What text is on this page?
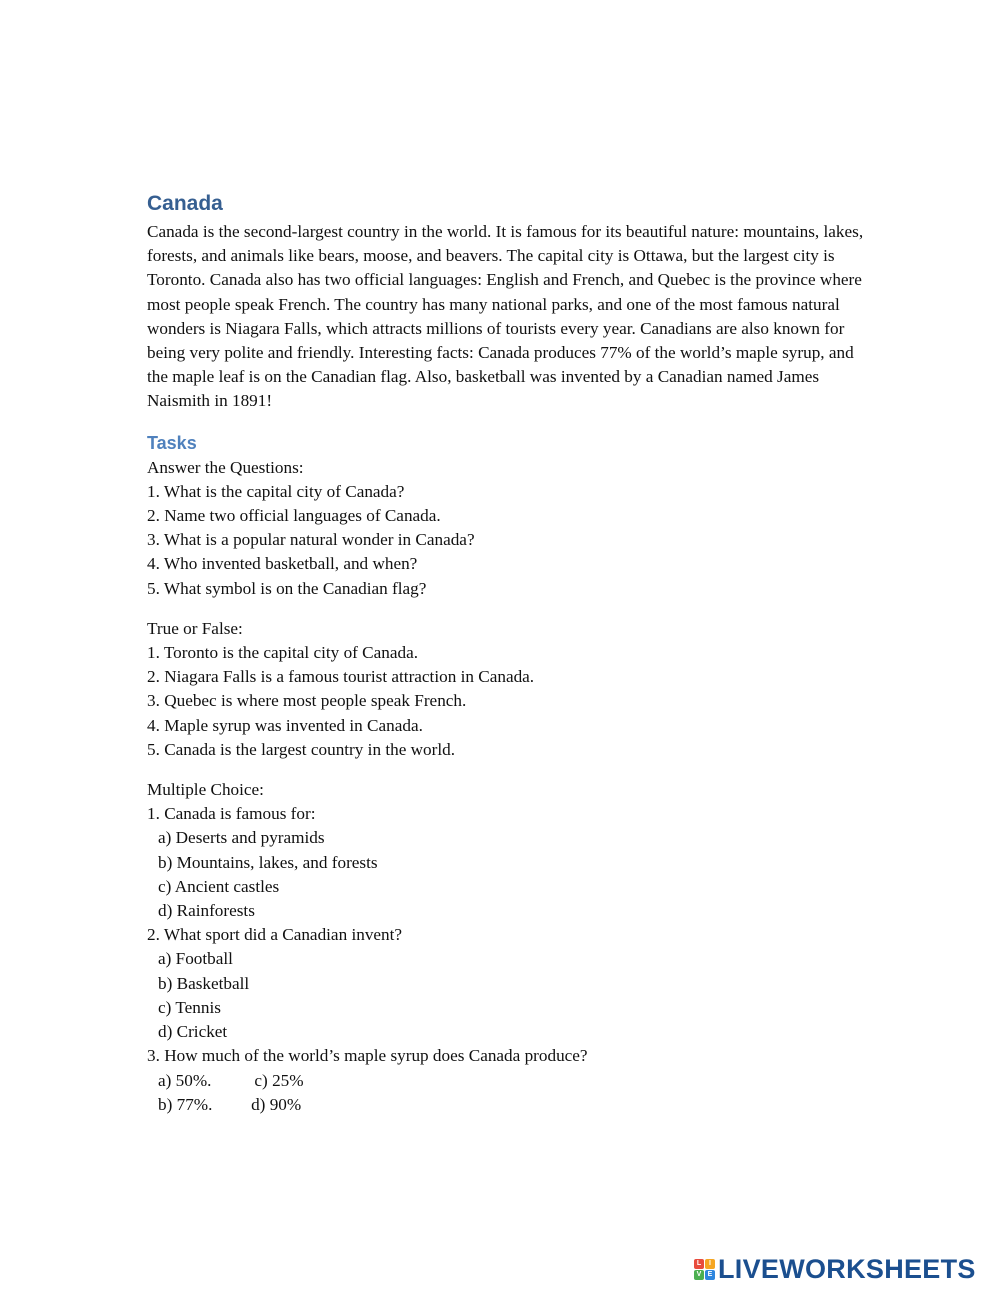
Canada

Canada is the second-largest country in the world. It is famous for its beautiful nature: mountains, lakes, forests, and animals like bears, moose, and beavers. The capital city is Ottawa, but the largest city is Toronto. Canada also has two official languages: English and French, and Quebec is the province where most people speak French. The country has many national parks, and one of the most famous natural wonders is Niagara Falls, which attracts millions of tourists every year. Canadians are also known for being very polite and friendly. Interesting facts: Canada produces 77% of the world’s maple syrup, and the maple leaf is on the Canadian flag. Also, basketball was invented by a Canadian named James Naismith in 1891!

Tasks

Answer the Questions:

1. What is the capital city of Canada?

2. Name two official languages of Canada.

3. What is a popular natural wonder in Canada?

4. Who invented basketball, and when?

5. What symbol is on the Canadian flag?

True or False:

1. Toronto is the capital city of Canada.

2. Niagara Falls is a famous tourist attraction in Canada.

3. Quebec is where most people speak French.

4. Maple syrup was invented in Canada.

5. Canada is the largest country in the world.

Multiple Choice:

1. Canada is famous for:

a) Deserts and pyramids

b) Mountains, lakes, and forests

c) Ancient castles

d) Rainforests

2. What sport did a Canadian invent?

a) Football

b) Basketball

c) Tennis

d) Cricket

3. How much of the world’s maple syrup does Canada produce?

a) 50%.          c) 25%

b) 77%.         d) 90%

L	I
V E LIVEWORKSHEETS
